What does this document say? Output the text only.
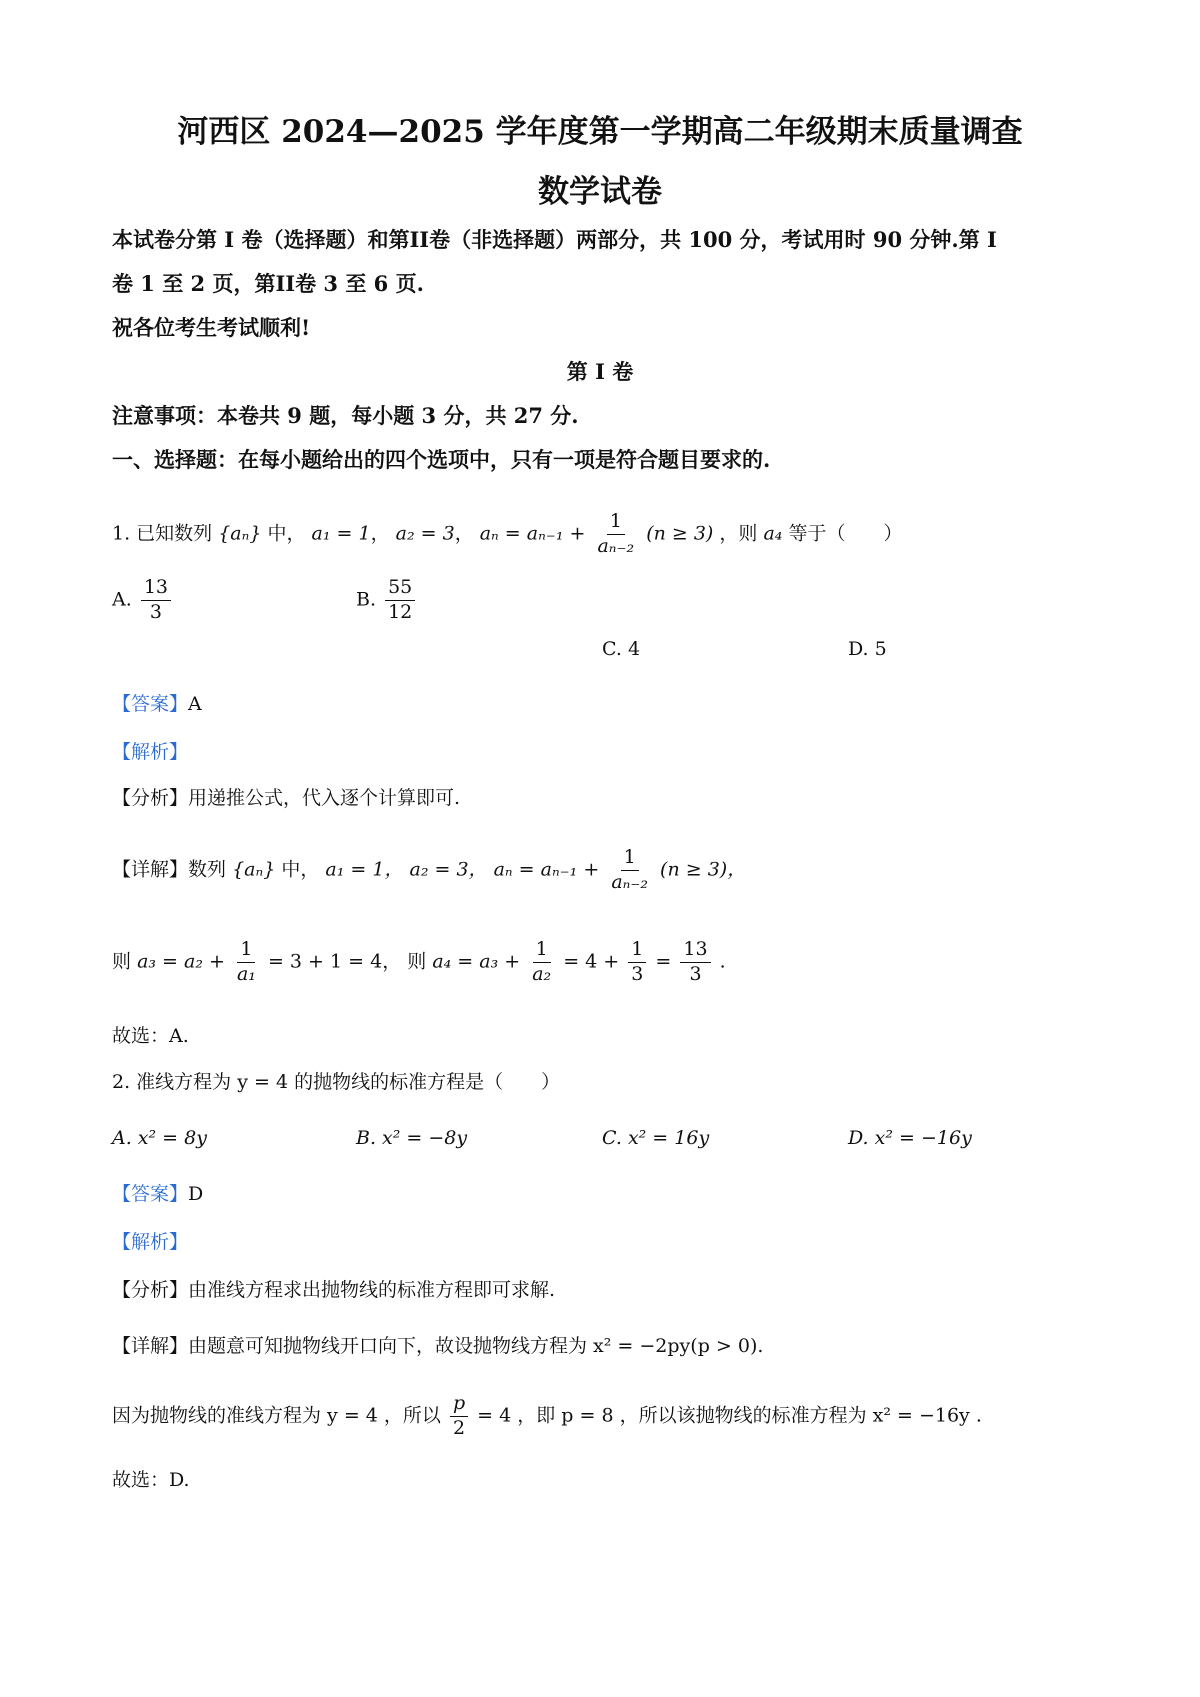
河西区 2024—2025 学年度第一学期高二年级期末质量调查
数学试卷
本试卷分第 I 卷（选择题）和第II卷（非选择题）两部分，共 100 分，考试用时 90 分钟.第 I
卷 1 至 2 页，第II卷 3 至 6 页.
祝各位考生考试顺利!
第 I 卷
注意事项：本卷共 9 题，每小题 3 分，共 27 分.
一、选择题：在每小题给出的四个选项中，只有一项是符合题目要求的.
1. 已知数列 {aₙ} 中， a₁ = 1， a₂ = 3， $a_n = a_{n-1} + \frac{1}{\text{aₙ₋₂}} (n \ge 3)$ ，则 a₄ 等于（　　）
A. $\frac{13}{3}$	B. $\frac{55}{12}$
C. 4	D. 5
【答案】A
【解析】
【分析】用递推公式，代入逐个计算即可.
【详解】数列 {aₙ} 中， a₁ = 1， a₂ = 3， $a_n = a_{n-1} + \frac{1}{\text{aₙ₋₂}} (n \ge 3)$，
则 $a_3 = a_2 + \frac{1}{\text{a₁}} = 3 + 1 = 4$， 则 $a_4 = a_3 + \frac{1}{\text{a₂}} = 4 + \frac{1}{3} = \frac{13}{3}$ .
故选：A.
2. 准线方程为 y = 4 的抛物线的标准方程是（　　）
A. x² = 8y	B. x² = −8y	C. x² = 16y	D. x² = −16y
【答案】D
【解析】
【分析】由准线方程求出抛物线的标准方程即可求解.
【详解】由题意可知抛物线开口向下，故设抛物线方程为 x² = −2py(p > 0).
因为抛物线的准线方程为 y = 4 ，所以 $\frac{p}{2} = 4$ ，即 p = 8 ，所以该抛物线的标准方程为 x² = −16y .
故选：D.
